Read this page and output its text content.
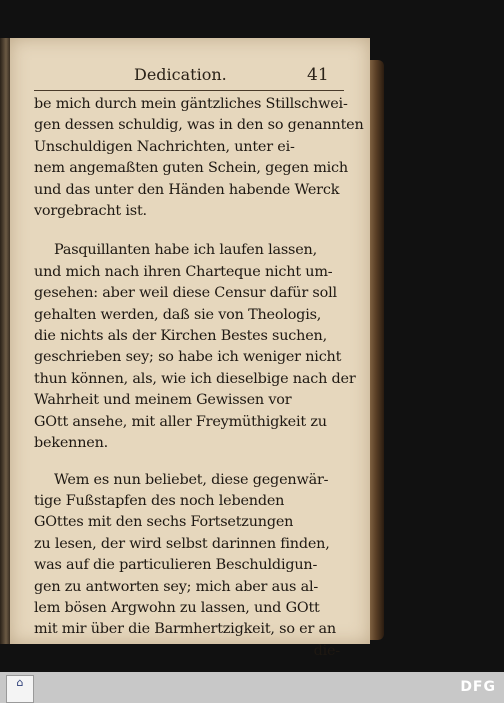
Dedication.	41
be mich durch mein gäntzliches Stillschwei-
gen dessen schuldig, was in den so genannten
Unschuldigen Nachrichten, unter ei-
nem angemaßten guten Schein, gegen mich
und das unter den Händen habende Werck
vorgebracht ist.
Pasquillanten habe ich laufen lassen,
und mich nach ihren Charteque nicht um-
gesehen: aber weil diese Censur dafür soll
gehalten werden, daß sie von Theologis,
die nichts als der Kirchen Bestes suchen,
geschrieben sey; so habe ich weniger nicht
thun können, als, wie ich dieselbige nach der
Wahrheit und meinem Gewissen vor
GOtt ansehe, mit aller Freymüthigkeit zu
bekennen.
Wem es nun beliebet, diese gegenwär-
tige Fußstapfen des noch lebenden
GOttes mit den sechs Fortsetzungen
zu lesen, der wird selbst darinnen finden,
was auf die particulieren Beschuldigun-
gen zu antworten sey; mich aber aus al-
lem bösen Argwohn zu lassen, und GOtt
mit mir über die Barmhertzigkeit, so er an
die-
⌂	DFG
